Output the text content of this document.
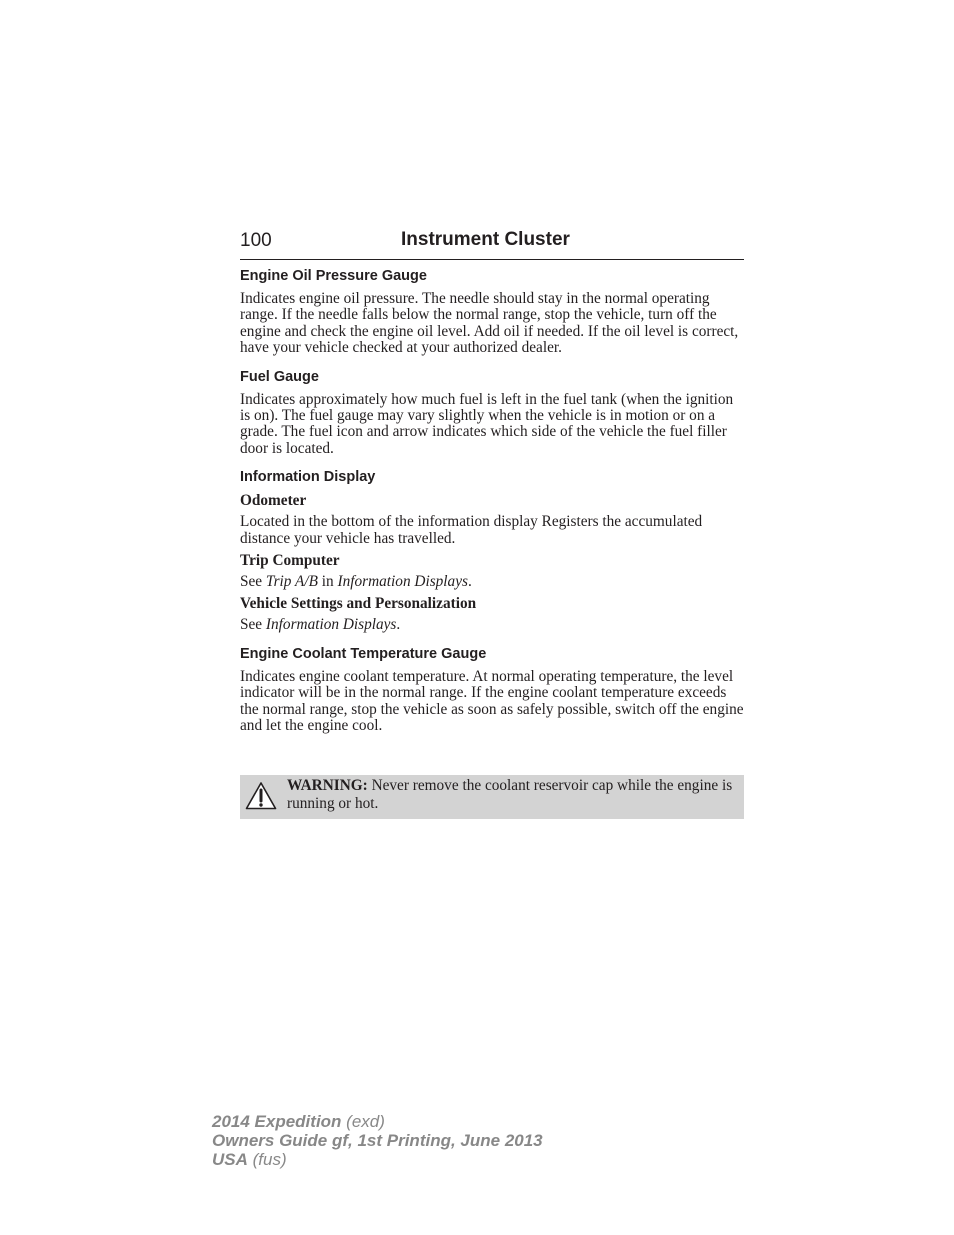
100	Instrument Cluster
Engine Oil Pressure Gauge

Indicates engine oil pressure. The needle should stay in the normal operating range. If the needle falls below the normal range, stop the vehicle, turn off the engine and check the engine oil level. Add oil if needed. If the oil level is correct, have your vehicle checked at your authorized dealer.

Fuel Gauge

Indicates approximately how much fuel is left in the fuel tank (when the ignition is on). The fuel gauge may vary slightly when the vehicle is in motion or on a grade. The fuel icon and arrow indicates which side of the vehicle the fuel filler door is located.

Information Display
Odometer

Located in the bottom of the information display Registers the accumulated distance your vehicle has travelled.

Trip Computer

See Trip A/B in Information Displays.

Vehicle Settings and Personalization

See Information Displays.

Engine Coolant Temperature Gauge

Indicates engine coolant temperature. At normal operating temperature, the level indicator will be in the normal range. If the engine coolant temperature exceeds the normal range, stop the vehicle as soon as safely possible, switch off the engine and let the engine cool.

WARNING: Never remove the coolant reservoir cap while the engine is running or hot.
2014 Expedition (exd)
Owners Guide gf, 1st Printing, June 2013
USA (fus)
